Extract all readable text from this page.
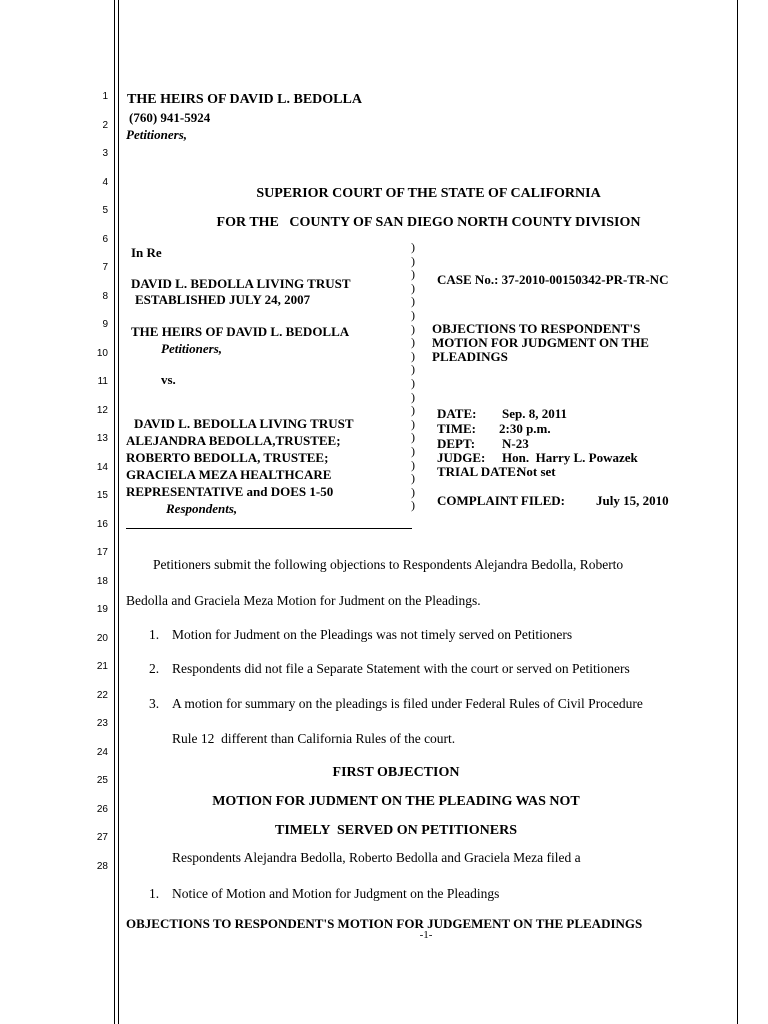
1
2
3
4
5
6
7
8
9
10
11
12
13
14
15
16
17
18
19
20
21
22
23
24
25
26
27
28
THE HEIRS OF DAVID L. BEDOLLA
(760) 941-5924
Petitioners,
SUPERIOR COURT OF THE STATE OF CALIFORNIA
FOR THE   COUNTY OF SAN DIEGO NORTH COUNTY DIVISION
In Re
DAVID L. BEDOLLA LIVING TRUST
ESTABLISHED JULY 24, 2007
THE HEIRS OF DAVID L. BEDOLLA
Petitioners,
vs.
DAVID L. BEDOLLA LIVING TRUST
ALEJANDRA BEDOLLA,TRUSTEE;
ROBERTO BEDOLLA, TRUSTEE;
GRACIELA MEZA HEALTHCARE
REPRESENTATIVE and DOES 1-50
Respondents,
)
)
)
)
)
)
)
)
)
)
)
)
)
)
)
)
)
)
)
)
CASE No.: 37-2010-00150342-PR-TR-NC
OBJECTIONS TO RESPONDENT'S
MOTION FOR JUDGMENT ON THE
PLEADINGS
DATE: Sep. 8, 2011
TIME: 2:30 p.m.
DEPT: N-23
JUDGE: Hon.  Harry L. Powazek
TRIAL DATE:
Not set
COMPLAINT FILED: July 15, 2010
Petitioners submit the following objections to Respondents Alejandra Bedolla, Roberto
Bedolla and Graciela Meza Motion for Judment on the Pleadings.
1. Motion for Judment on the Pleadings was not timely served on Petitioners
2. Respondents did not file a Separate Statement with the court or served on Petitioners
3. A motion for summary on the pleadings is filed under Federal Rules of Civil Procedure
Rule 12  different than California Rules of the court.
FIRST OBJECTION
MOTION FOR JUDMENT ON THE PLEADING WAS NOT
TIMELY  SERVED ON PETITIONERS
Respondents Alejandra Bedolla, Roberto Bedolla and Graciela Meza filed a
1. Notice of Motion and Motion for Judgment on the Pleadings
OBJECTIONS TO RESPONDENT'S MOTION FOR JUDGEMENT ON THE PLEADINGS
-1-
